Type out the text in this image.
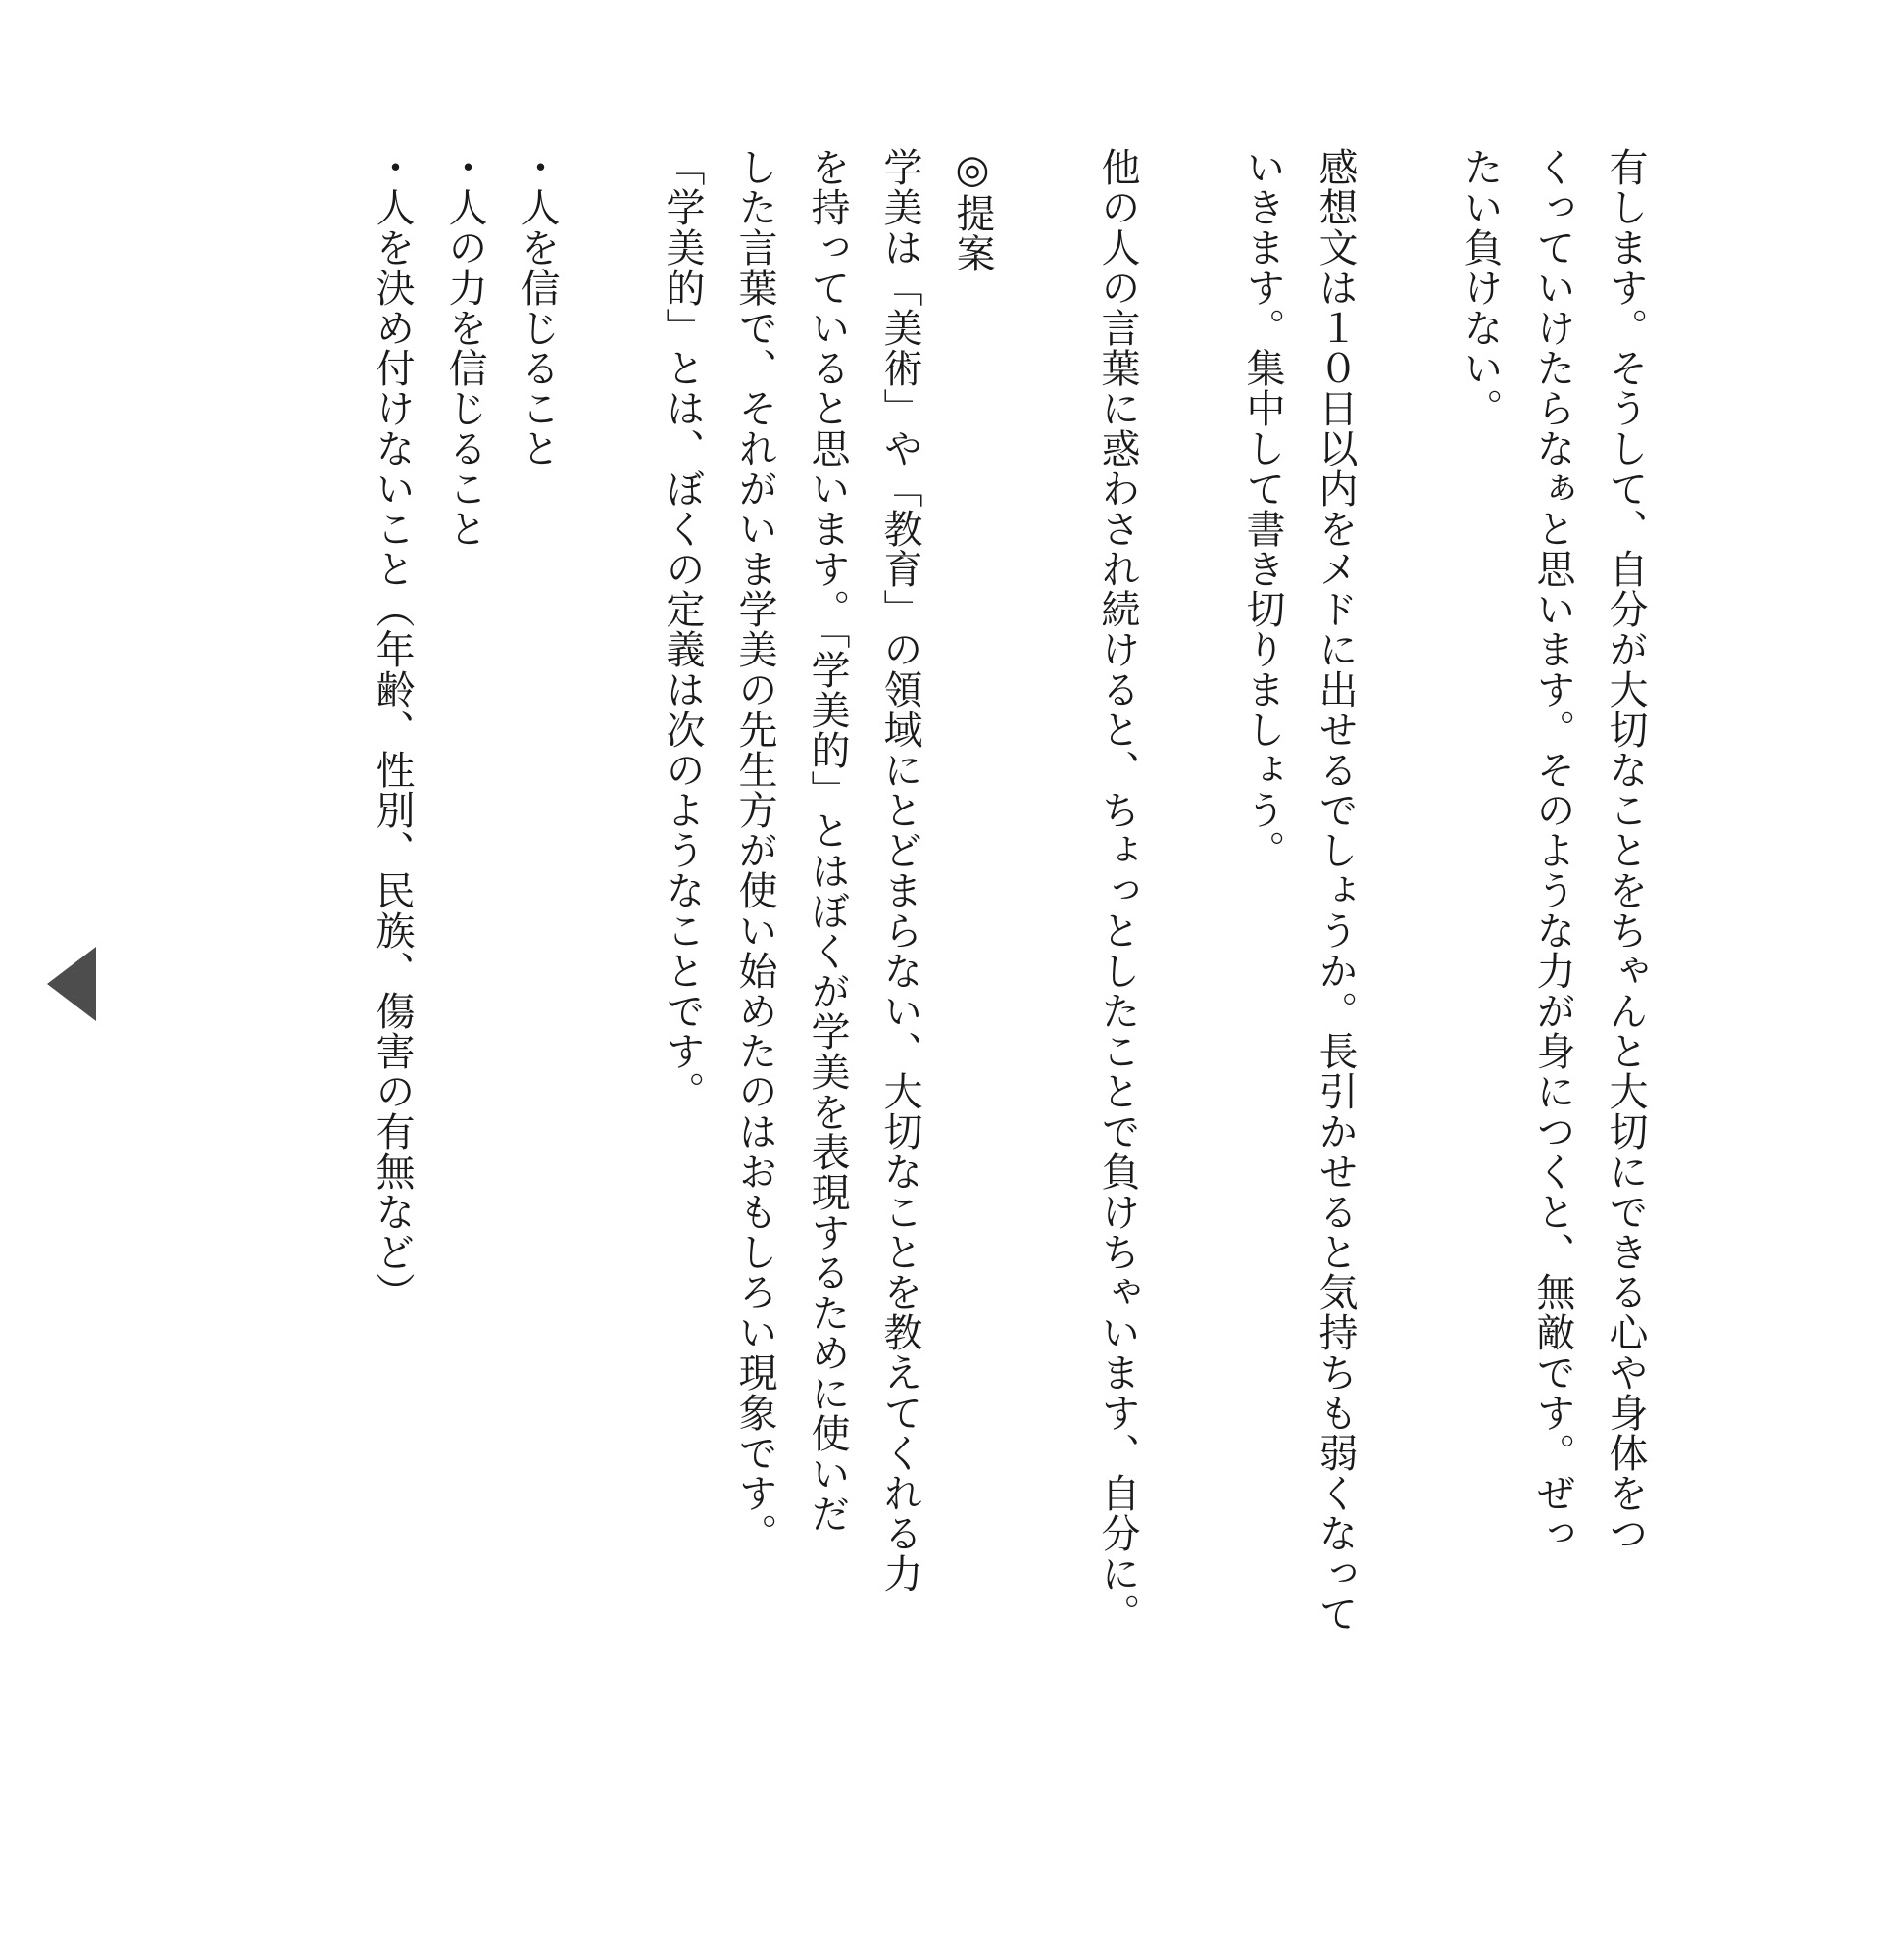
有します。そうして、自分が大切なことをちゃんと大切にできる心や身体をつ

くっていけたらなぁと思います。そのような力が身につくと、無敵です。ぜっ

たい負けない。

感想文は１０日以内をメドに出せるでしょうか。長引かせると気持ちも弱くなって

いきます。集中して書き切りましょう。

他の人の言葉に惑わされ続けると、ちょっとしたことで負けちゃいます、自分に。

◎提案

学美は「美術」や「教育」の領域にとどまらない、大切なことを教えてくれる力

を持っていると思います。「学美的」とはぼくが学美を表現するために使いだ

した言葉で、それがいま学美の先生方が使い始めたのはおもしろい現象です。

「学美的」とは、ぼくの定義は次のようなことです。

・人を信じること

・人の力を信じること

・人を決め付けないこと（年齢、性別、民族、傷害の有無など）
